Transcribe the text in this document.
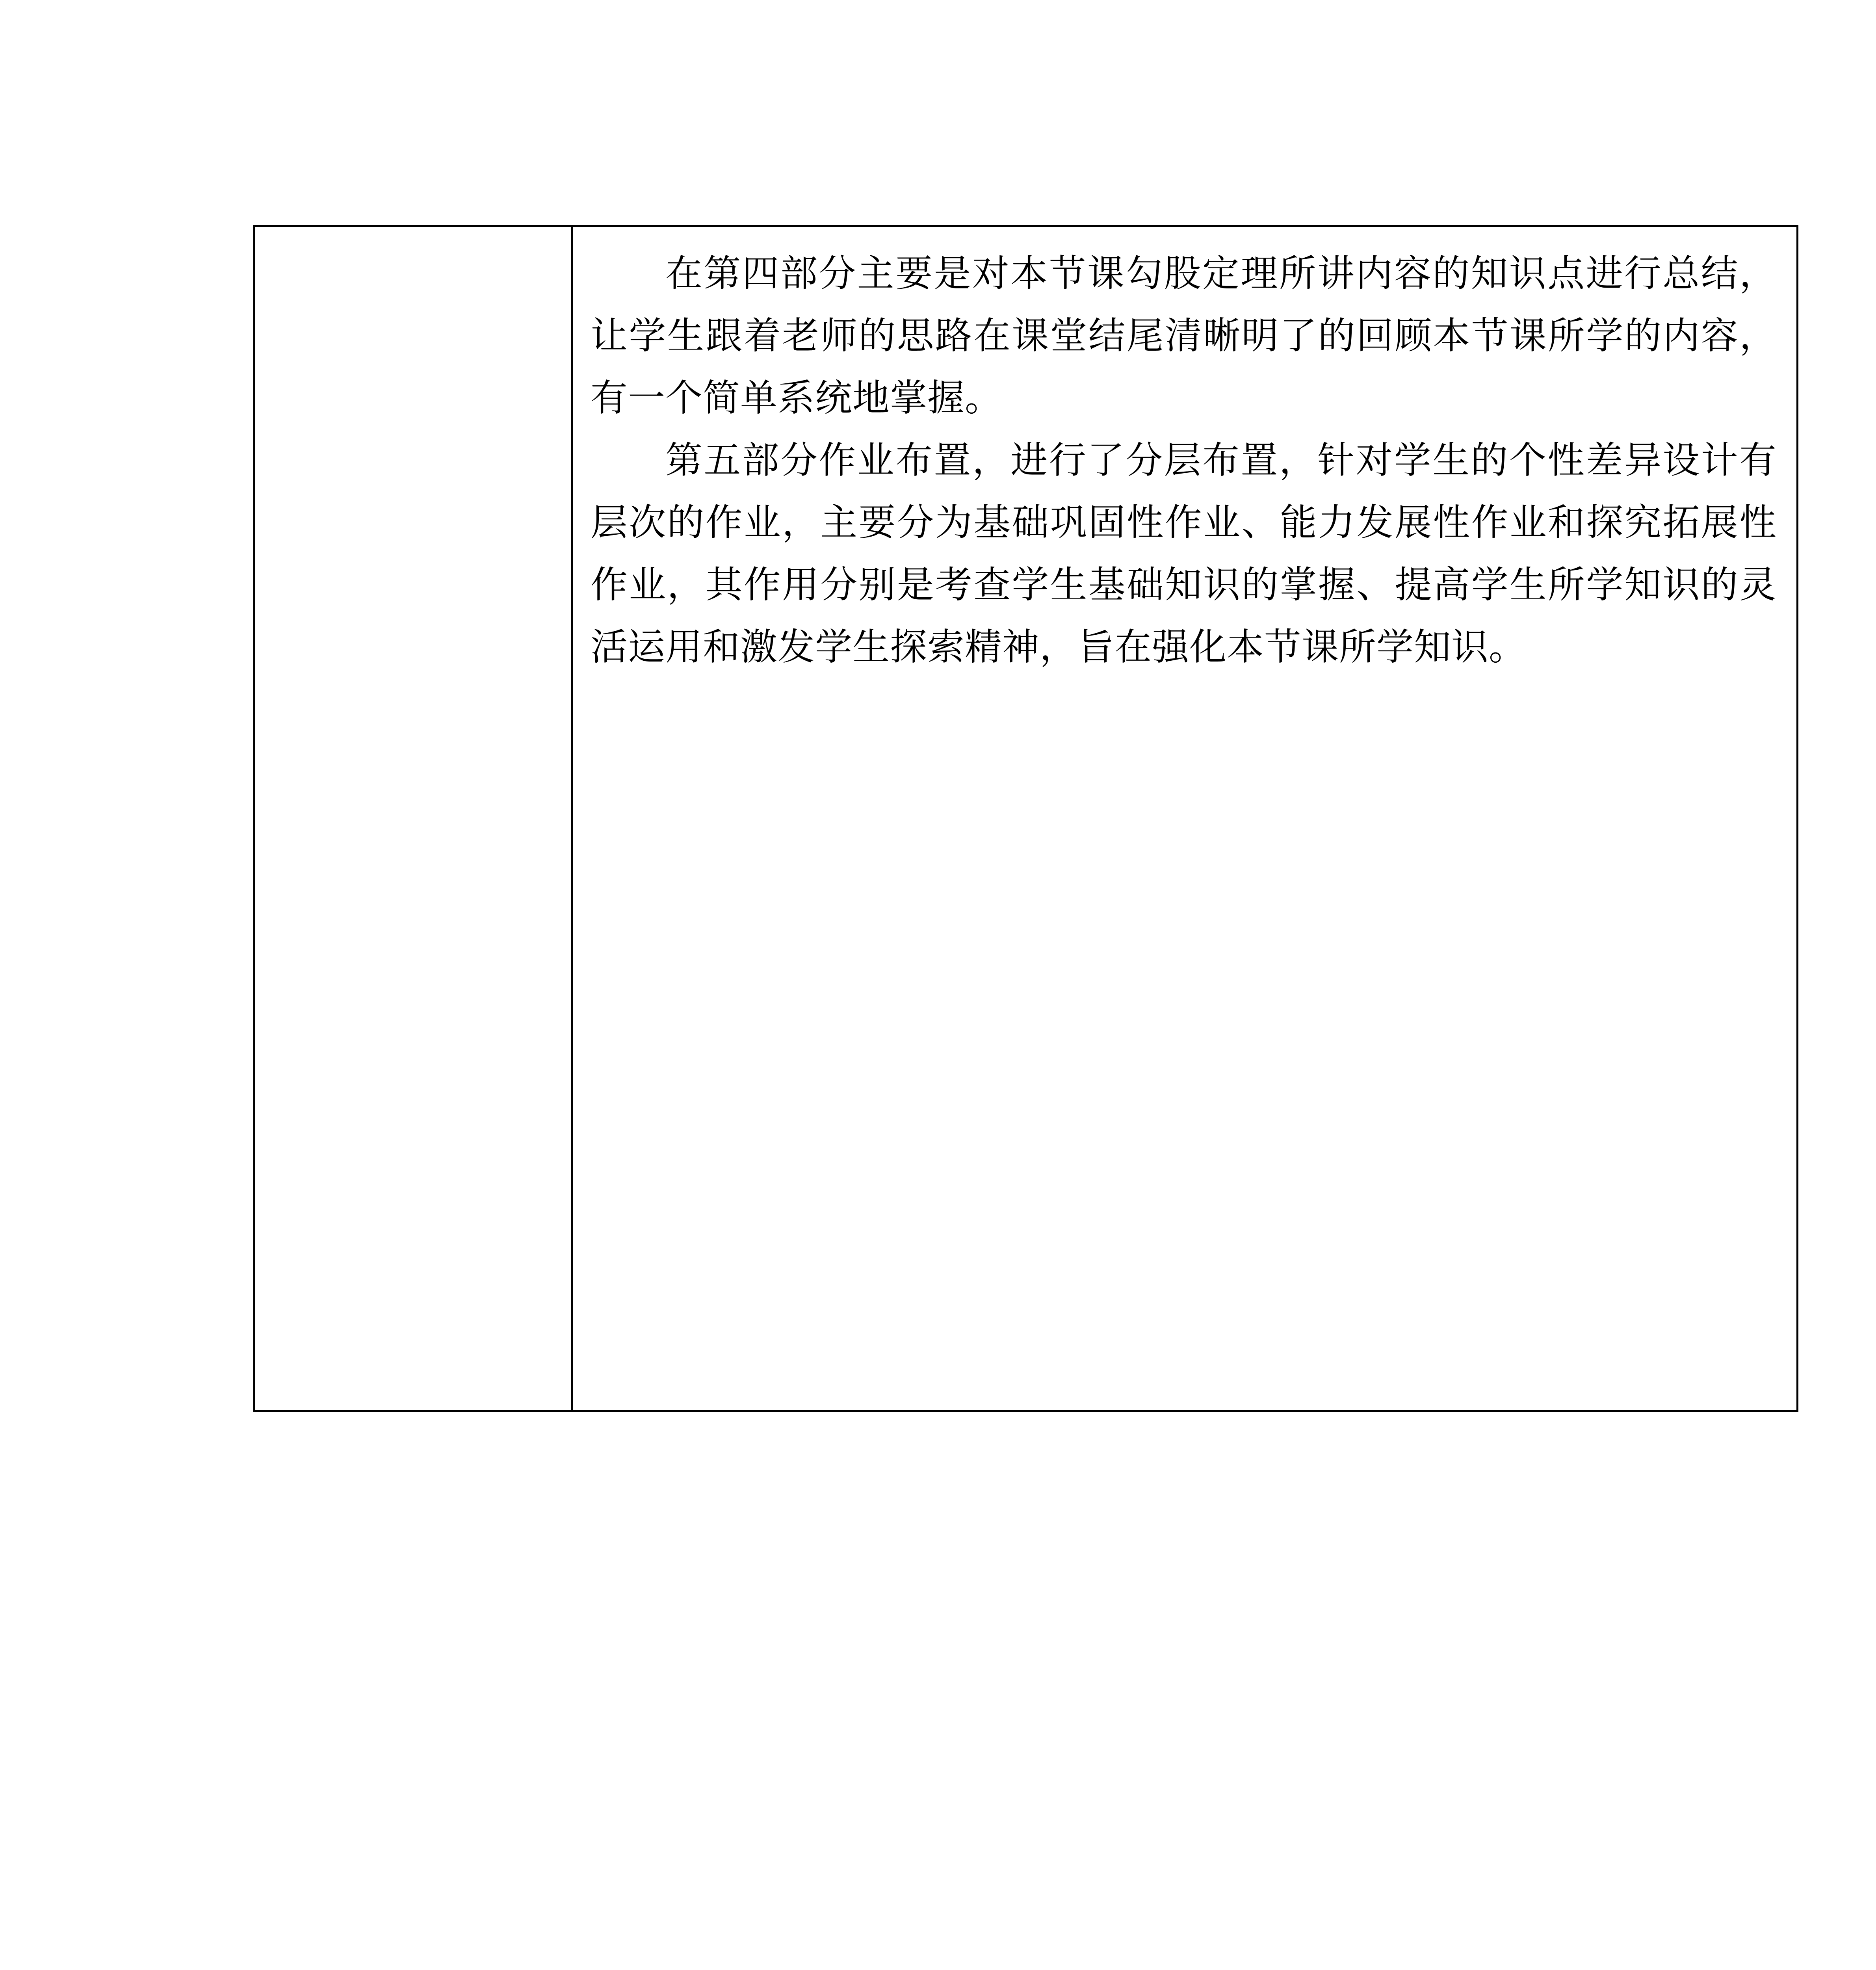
在第四部分主要是对本节课勾股定理所讲内容的知识点进行总结，让学生跟着老师的思路在课堂结尾清晰明了的回顾本节课所学的内容，有一个简单系统地掌握。

第五部分作业布置，进行了分层布置，针对学生的个性差异设计有层次的作业，主要分为基础巩固性作业、能力发展性作业和探究拓展性作业，其作用分别是考查学生基础知识的掌握、提高学生所学知识的灵活运用和激发学生探索精神，旨在强化本节课所学知识。
